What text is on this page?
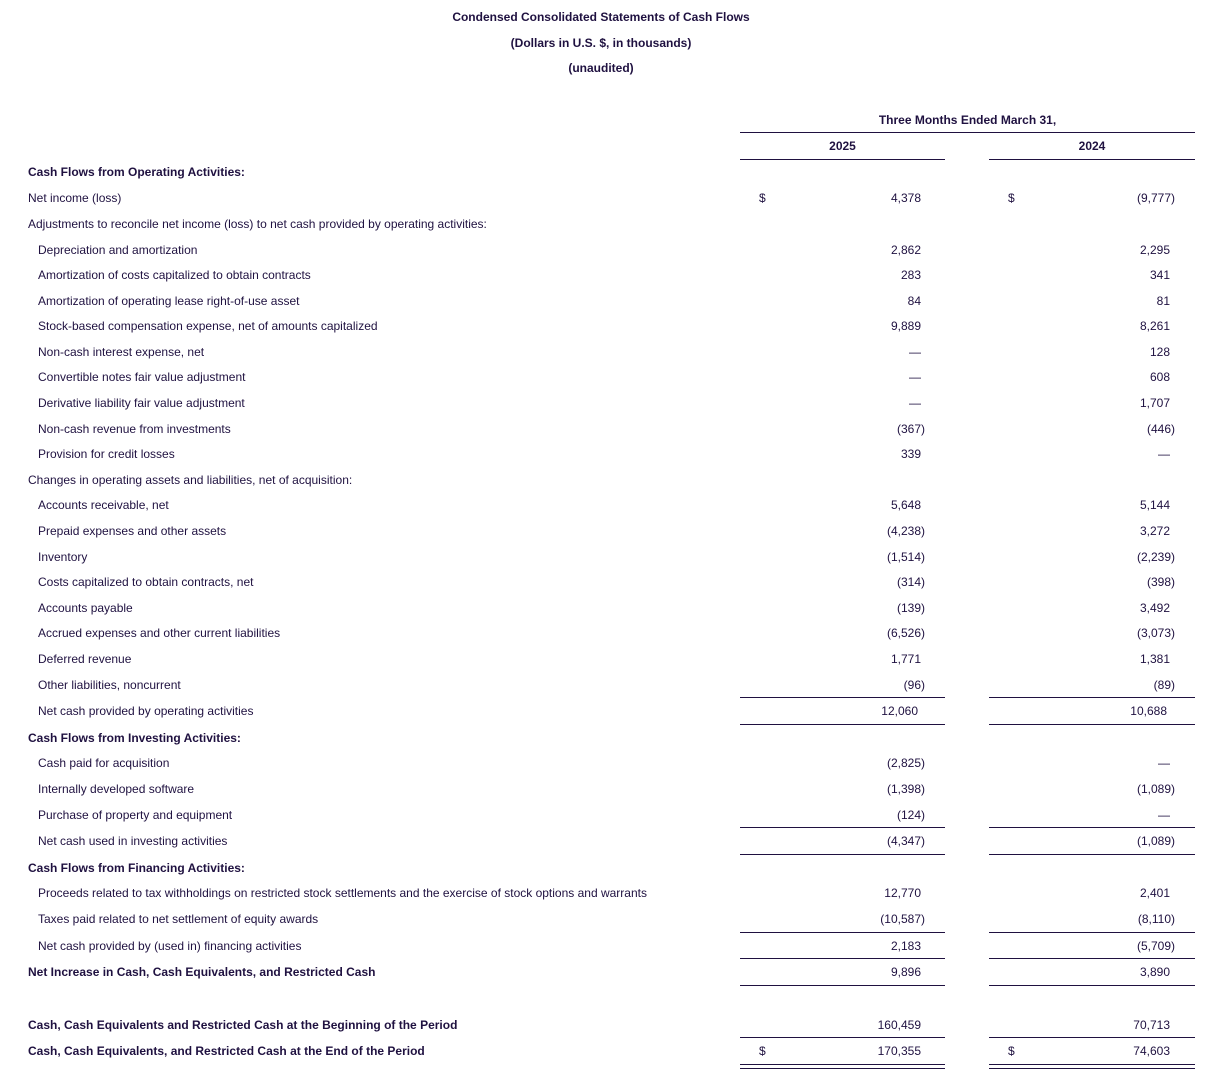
Condensed Consolidated Statements of Cash Flows
(Dollars in U.S. $, in thousands)
(unaudited)
Three Months Ended March 31,
2025	2024
Cash Flows from Operating Activities:
Net income (loss)	$	4,378	$	(9,777)
Adjustments to reconcile net income (loss) to net cash provided by operating activities:
Depreciation and amortization	2,862	2,295
Amortization of costs capitalized to obtain contracts	283	341
Amortization of operating lease right-of-use asset	84	81
Stock-based compensation expense, net of amounts capitalized	9,889	8,261
Non-cash interest expense, net	—	128
Convertible notes fair value adjustment	—	608
Derivative liability fair value adjustment	—	1,707
Non-cash revenue from investments	(367)	(446)
Provision for credit losses	339	—
Changes in operating assets and liabilities, net of acquisition:
Accounts receivable, net	5,648	5,144
Prepaid expenses and other assets	(4,238)	3,272
Inventory	(1,514)	(2,239)
Costs capitalized to obtain contracts, net	(314)	(398)
Accounts payable	(139)	3,492
Accrued expenses and other current liabilities	(6,526)	(3,073)
Deferred revenue	1,771	1,381
Other liabilities, noncurrent	(96)	(89)
Net cash provided by operating activities	12,060	10,688
Cash Flows from Investing Activities:
Cash paid for acquisition	(2,825)	—
Internally developed software	(1,398)	(1,089)
Purchase of property and equipment	(124)	—
Net cash used in investing activities	(4,347)	(1,089)
Cash Flows from Financing Activities:
Proceeds related to tax withholdings on restricted stock settlements and the exercise of stock options and warrants	12,770	2,401
Taxes paid related to net settlement of equity awards	(10,587)	(8,110)
Net cash provided by (used in) financing activities	2,183	(5,709)
Net Increase in Cash, Cash Equivalents, and Restricted Cash	9,896	3,890
Cash, Cash Equivalents and Restricted Cash at the Beginning of the Period	160,459	70,713
Cash, Cash Equivalents, and Restricted Cash at the End of the Period	$	170,355	$	74,603
